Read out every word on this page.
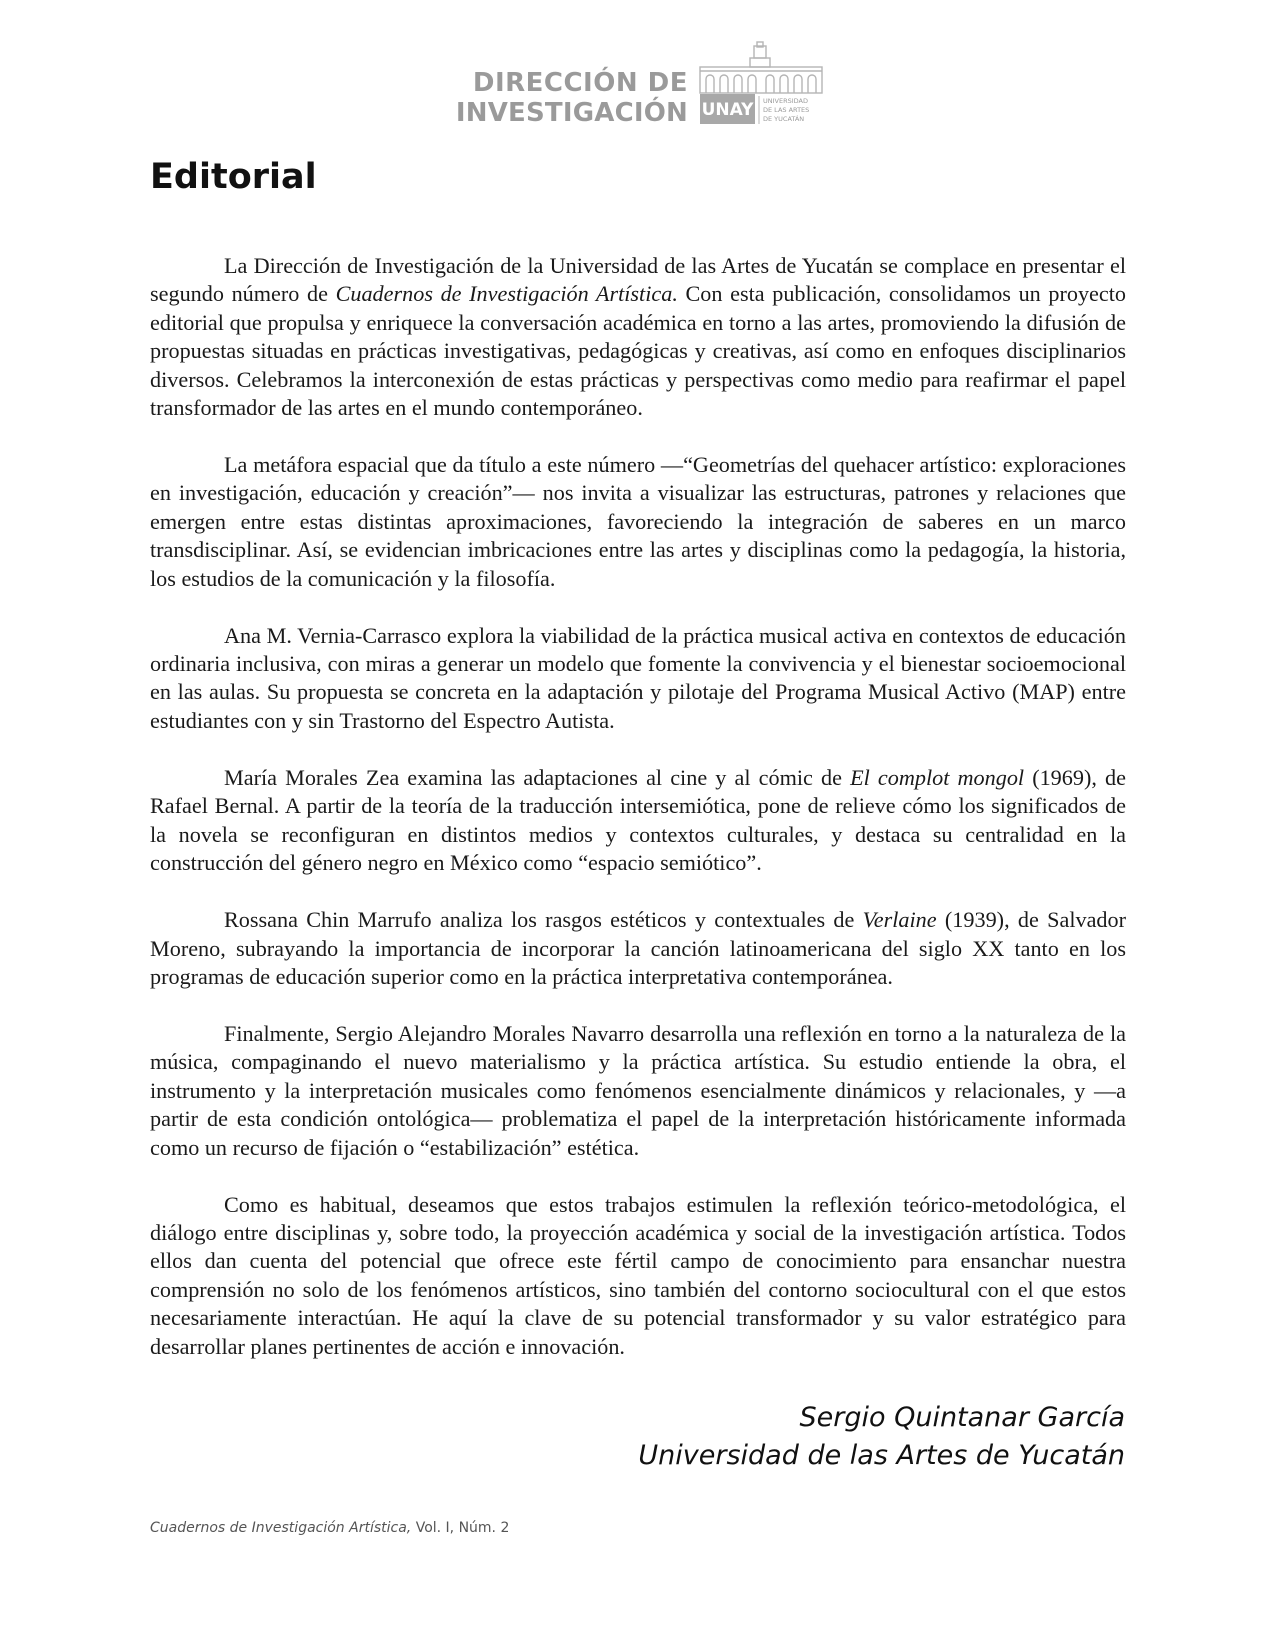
DIRECCIÓN DE
INVESTIGACIÓN UNAY UNIVERSIDAD
DE LAS ARTES
DE YUCATÁN
Editorial

La Dirección de Investigación de la Universidad de las Artes de Yucatán se complace en presentar el segundo número de Cuadernos de Investigación Artística. Con esta publicación, consolidamos un proyecto editorial que propulsa y enriquece la conversación académica en torno a las artes, promoviendo la difusión de propuestas situadas en prácticas investigativas, pedagógicas y creativas, así como en enfoques disciplinarios diversos. Celebramos la interconexión de estas prácticas y perspectivas como medio para reafirmar el papel transformador de las artes en el mundo contemporáneo.

La metáfora espacial que da título a este número —“Geometrías del quehacer artístico: exploraciones en investigación, educación y creación”— nos invita a visualizar las estructuras, patrones y relaciones que emergen entre estas distintas aproximaciones, favoreciendo la integración de saberes en un marco transdisciplinar. Así, se evidencian imbricaciones entre las artes y disciplinas como la pedagogía, la historia, los estudios de la comunicación y la filosofía.

Ana M. Vernia-Carrasco explora la viabilidad de la práctica musical activa en contextos de educación ordinaria inclusiva, con miras a generar un modelo que fomente la convivencia y el bienestar socioemocional en las aulas. Su propuesta se concreta en la adaptación y pilotaje del Programa Musical Activo (MAP) entre estudiantes con y sin Trastorno del Espectro Autista.

María Morales Zea examina las adaptaciones al cine y al cómic de El complot mongol (1969), de Rafael Bernal. A partir de la teoría de la traducción intersemiótica, pone de relieve cómo los significados de la novela se reconfiguran en distintos medios y contextos culturales, y destaca su centralidad en la construcción del género negro en México como “espacio semiótico”.

Rossana Chin Marrufo analiza los rasgos estéticos y contextuales de Verlaine (1939), de Salvador Moreno, subrayando la importancia de incorporar la canción latinoamericana del siglo XX tanto en los programas de educación superior como en la práctica interpretativa contemporánea.

Finalmente, Sergio Alejandro Morales Navarro desarrolla una reflexión en torno a la naturaleza de la música, compaginando el nuevo materialismo y la práctica artística. Su estudio entiende la obra, el instrumento y la interpretación musicales como fenómenos esencialmente dinámicos y relacionales, y —a partir de esta condición ontológica— problematiza el papel de la interpretación históricamente informada como un recurso de fijación o “estabilización” estética.

Como es habitual, deseamos que estos trabajos estimulen la reflexión teórico-metodológica, el diálogo entre disciplinas y, sobre todo, la proyección académica y social de la investigación artística. Todos ellos dan cuenta del potencial que ofrece este fértil campo de conocimiento para ensanchar nuestra comprensión no solo de los fenómenos artísticos, sino también del contorno sociocultural con el que estos necesariamente interactúan. He aquí la clave de su potencial transformador y su valor estratégico para desarrollar planes pertinentes de acción e innovación.

Sergio Quintanar García
Universidad de las Artes de Yucatán
Cuadernos de Investigación Artística, Vol. I, Núm. 2
